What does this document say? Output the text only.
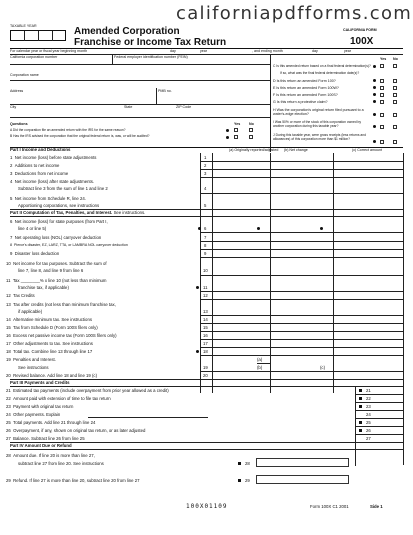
californiapdfforms.com
TAXABLE YEAR	Amended Corporation
Franchise or Income Tax Return
CALIFORNIA FORM
100X
For calendar year or fiscal year beginning month	day	year	, and ending month	day	year
California corporation number	Federal employer identification number (FEIN)
Corporation name
Address	PMB no.
City	State	ZIP Code
Yes No
C Is this amended return based on a final federal determination(s)?
If so, what was the final federal determination date(s)?
D Is this return an amended Form 100?
E Is this return an amended Form 100W?
F Is this return an amended Form 100S?
G Is this return a protective claim?
H Was the corporation's original return filed pursuant to a water's-edge election?
I Was 50% or more of the stock of this corporation owned by another corporation during this taxable year?
J During this taxable year, were gross receipts (less returns and allowances) of this corporation more than $1 million?
Questions	Yes No
A Did the corporation file an amended return with the IRS for the same reason?
B Has the IRS advised the corporation that the original federal return is, was, or will be audited?
Part I Income and Deductions	(a) Originally reported/adjusted (b) Net change	(c) Correct amount
1  Net income (loss) before state adjustments	1
2  Additions to net income	2
3  Deductions from net income	3
4  Net income (loss) after state adjustments.
Subtract line 3 from the sum of line 1 and line 2	4
5  Net income from Schedule R, line 24.
Apportioning corporations, see instructions	5
Part II Computation of Tax, Penalties, and Interest. See instructions.
6  Net income (loss) for state purposes (from Part I,
line 4 or line 5)	6
7  Net operating loss (NOL) carryover deduction	7
8  Pierce's disaster, EZ, LARZ, TTA, or LAMBRA NOL carryover deduction	8
9  Disaster loss deduction	9
10  Net income for tax purposes. Subtract the sum of
line 7, line 8, and line 9 from line 6	10
11  Tax ________% x line 10 (not less than minimum
franchise tax, if applicable)	11
12  Tax Credits	12
13  Tax after credits (not less than minimum franchise tax,
if applicable)	13
14  Alternative minimum tax. See instructions	14
15  Tax from Schedule D (Form 100S filers only)	15
16  Excess net passive income tax (Form 100S filers only)	16
17  Other adjustments to tax. See instructions	17
18  Total tax. Combine line 13 through line 17	18
19  Penalties and Interest.
See instructions
(a)
(b)	(c)
19
20  Revised balance. Add line 18 and line 19 (c)	20
Part III Payments and Credits
21  Estimated tax payments (include overpayment from prior year allowed as a credit)	21
22  Amount paid with extension of time to file tax return	22
23  Payment with original tax return	23
24  Other payments. Explain	24
25  Total payments. Add line 21 through line 24	25
26  Overpayment, if any, shown on original tax return, or as later adjusted	26
27  Balance. Subtract line 26 from line 25	27
Part IV Amount Due or Refund
28  Amount due. If line 20 is more than line 27,
subtract line 27 from line 20. See instructions	28
29  Refund. If line 27 is more than line 20, subtract line 20 from line 27	29
100X01109	Form 100X C1 2001	Side 1
